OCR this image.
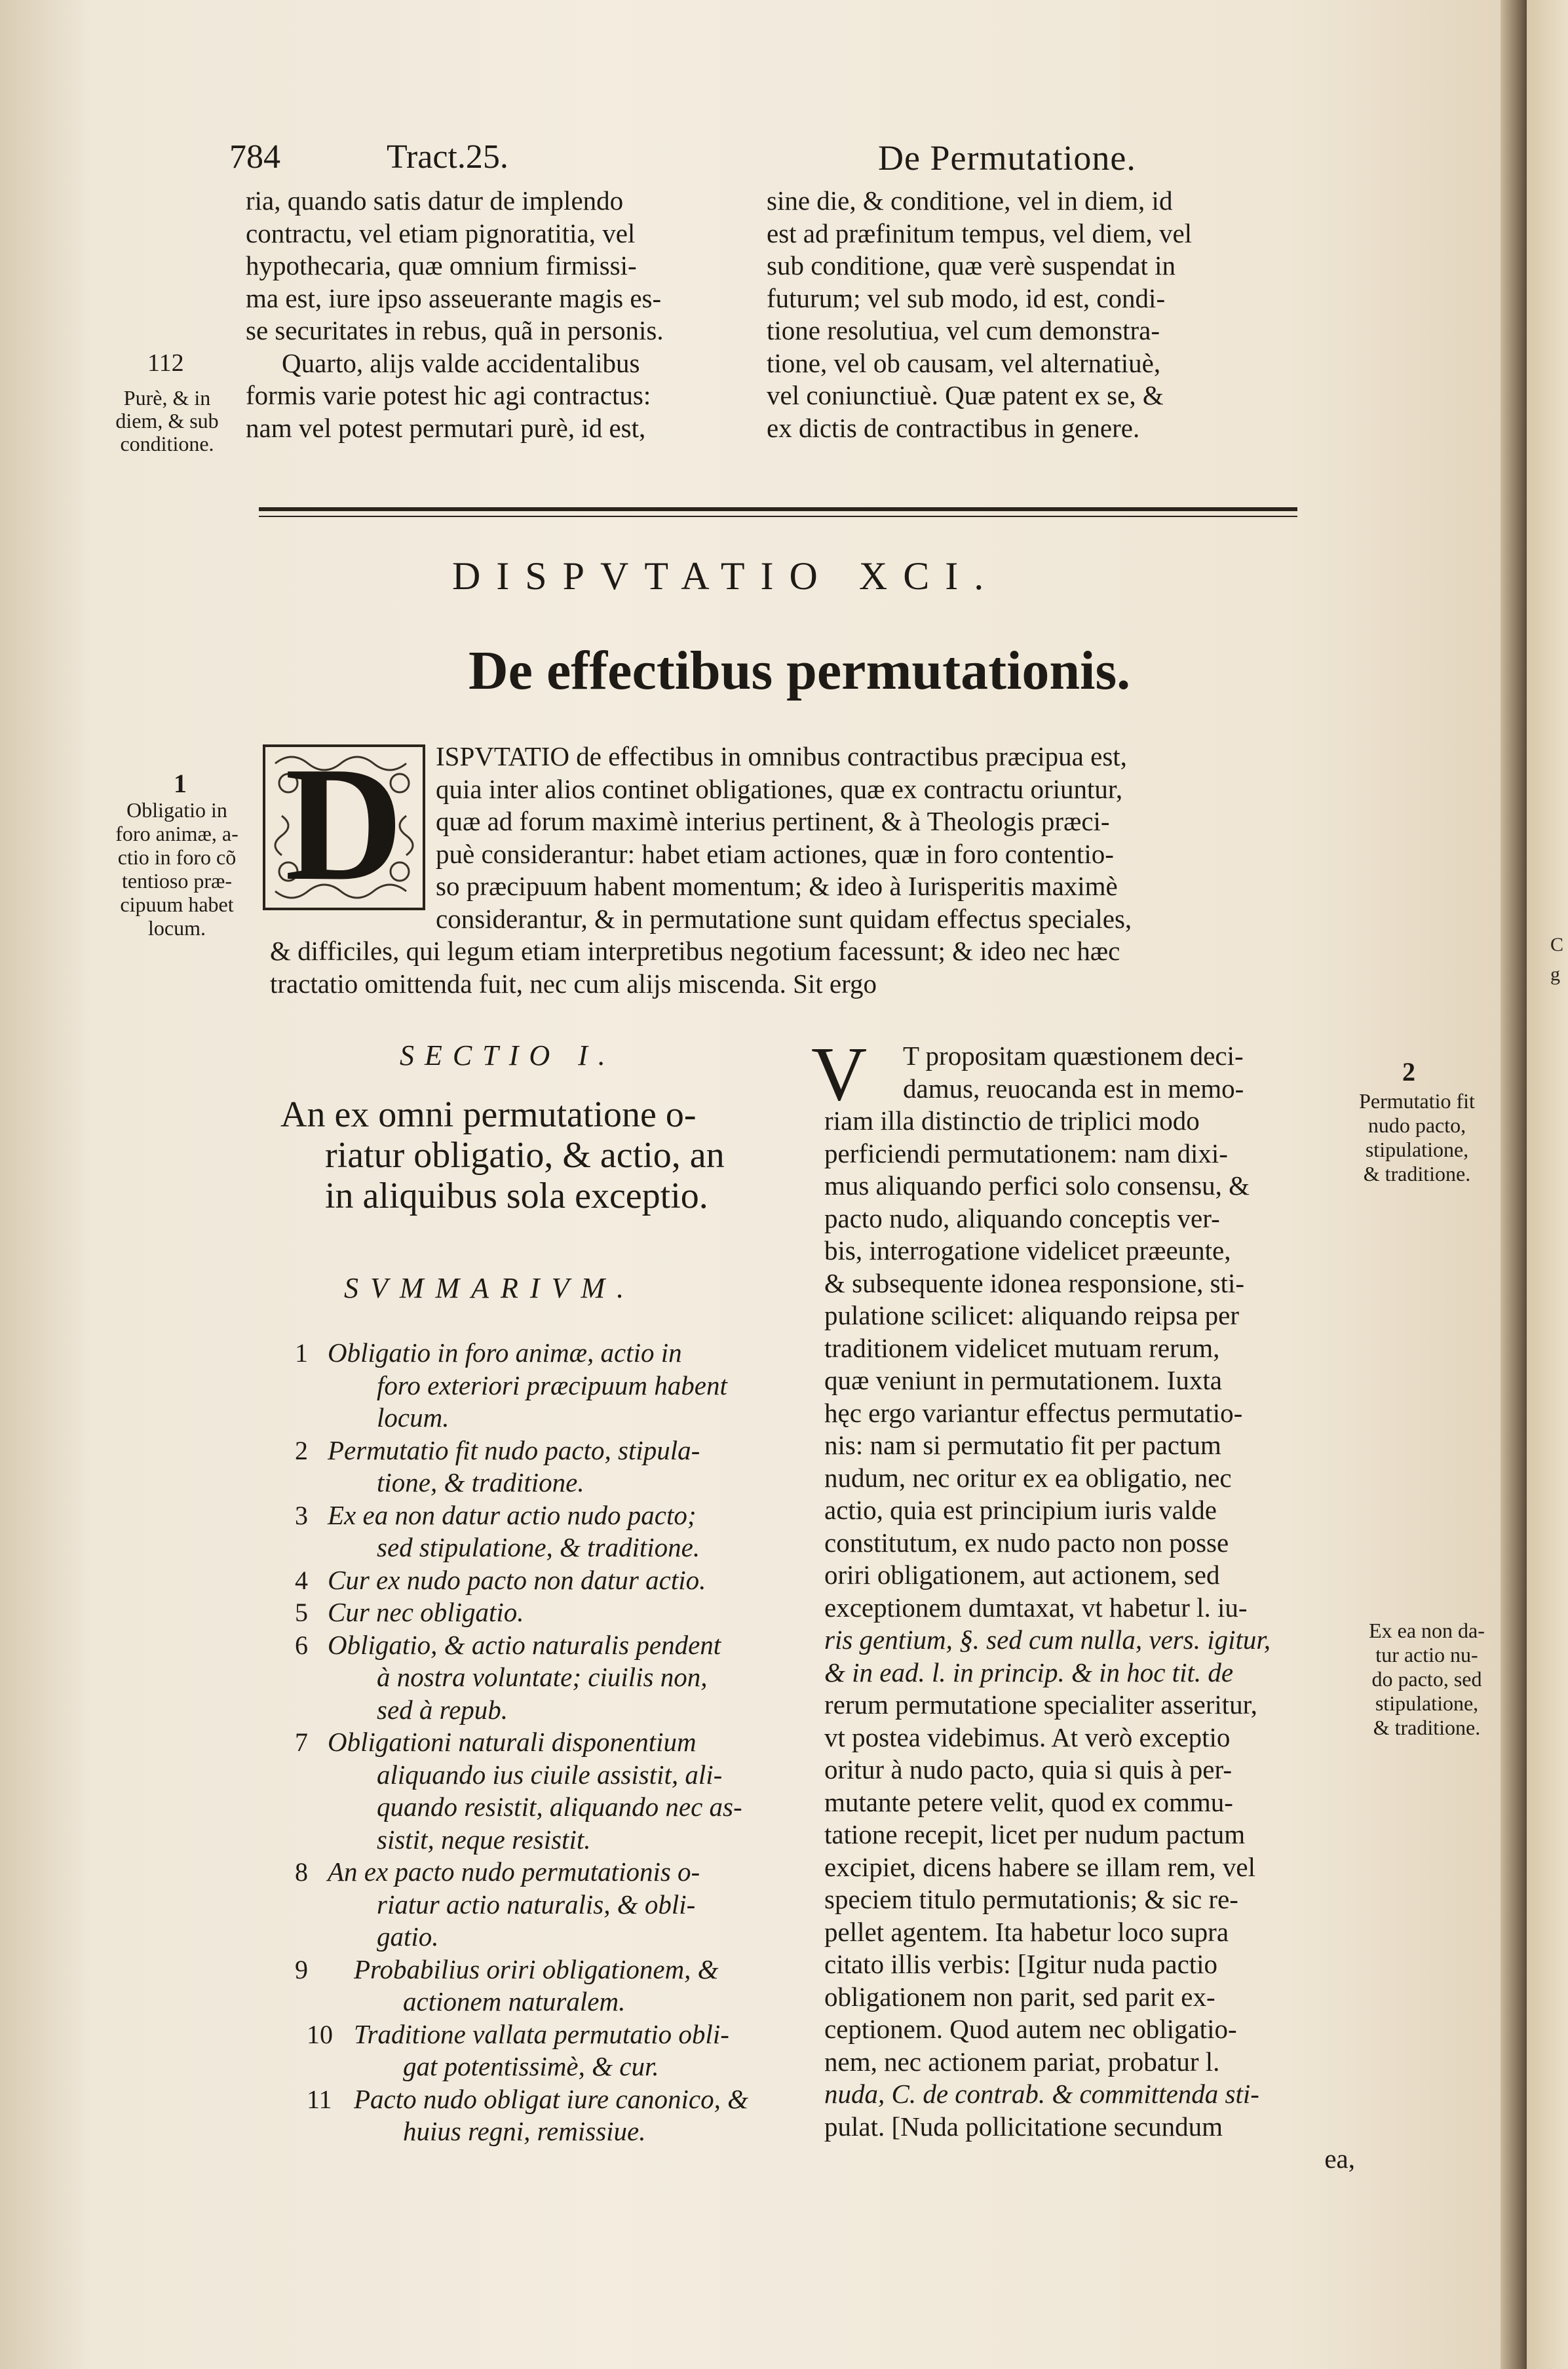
C
g
784	Tract.25.	De Permutatione.
ria, quando satis datur de implendo
contractu, vel etiam pignoratitia, vel
hypothecaria, quæ omnium firmissi-
ma est, iure ipso asseuerante magis es-
se securitates in rebus, quã in personis.
Quarto, alijs valde accidentalibus
formis varie potest hic agi contractus:
nam vel potest permutari purè, id est,
sine die, & conditione, vel in diem, id
est ad præfinitum tempus, vel diem, vel
sub conditione, quæ verè suspendat in
futurum; vel sub modo, id est, condi-
tione resolutiua, vel cum demonstra-
tione, vel ob causam, vel alternatiuè,
vel coniunctiuè. Quæ patent ex se, &
ex dictis de contractibus in genere.
112
Purè, & in
diem, & sub
conditione.
DISPVTATIO XCI.
De effectibus permutationis.
D	ISPVTATIO de effectibus in omnibus contractibus præcipua est,
quia inter alios continet obligationes, quæ ex contractu oriuntur,
quæ ad forum maximè interius pertinent, & à Theologis præci-
puè considerantur: habet etiam actiones, quæ in foro contentio-
so præcipuum habent momentum; & ideo à Iurisperitis maximè
considerantur, & in permutatione sunt quidam effectus speciales,
& difficiles, qui legum etiam interpretibus negotium facessunt; & ideo nec hæc
tractatio omittenda fuit, nec cum alijs miscenda. Sit ergo
1
Obligatio in
foro animæ, a-
ctio in foro cõ
tentioso præ-
cipuum habet
locum.
SECTIO I.
An ex omni permutatione o-
riatur obligatio, & actio, an
in aliquibus sola exceptio.
SVMMARIVM.
1 Obligatio in foro animæ, actio in
foro exteriori præcipuum habent
locum.
2 Permutatio fit nudo pacto, stipula-
tione, & traditione.
3 Ex ea non datur actio nudo pacto;
sed stipulatione, & traditione.
4 Cur ex nudo pacto non datur actio.
5 Cur nec obligatio.
6 Obligatio, & actio naturalis pendent
à nostra voluntate; ciuilis non,
sed à repub.
7 Obligationi naturali disponentium
aliquando ius ciuile assistit, ali-
quando resistit, aliquando nec as-
sistit, neque resistit.
8 An ex pacto nudo permutationis o-
riatur actio naturalis, & obli-
gatio.
9	Probabilius oriri obligationem, &
actionem naturalem.
10 Traditione vallata permutatio obli-
gat potentissimè, & cur.
11 Pacto nudo obligat iure canonico, &
huius regni, remissiue.
V	T propositam quæstionem deci-
damus, reuocanda est in memo-
riam illa distinctio de triplici modo
perficiendi permutationem: nam dixi-
mus aliquando perfici solo consensu, &
pacto nudo, aliquando conceptis ver-
bis, interrogatione videlicet præeunte,
& subsequente idonea responsione, sti-
pulatione scilicet: aliquando reipsa per
traditionem videlicet mutuam rerum,
quæ veniunt in permutationem. Iuxta
hęc ergo variantur effectus permutatio-
nis: nam si permutatio fit per pactum
nudum, nec oritur ex ea obligatio, nec
actio, quia est principium iuris valde
constitutum, ex nudo pacto non posse
oriri obligationem, aut actionem, sed
exceptionem dumtaxat, vt habetur l. iu-
ris gentium, §. sed cum nulla, vers. igitur,
& in ead. l. in princip. & in hoc tit. de
rerum permutatione specialiter asseritur,
vt postea videbimus. At verò exceptio
oritur à nudo pacto, quia si quis à per-
mutante petere velit, quod ex commu-
tatione recepit, licet per nudum pactum
excipiet, dicens habere se illam rem, vel
speciem titulo permutationis; & sic re-
pellet agentem. Ita habetur loco supra
citato illis verbis: [Igitur nuda pactio
obligationem non parit, sed parit ex-
ceptionem. Quod autem nec obligatio-
nem, nec actionem pariat, probatur l.
nuda, C. de contrab. & committenda sti-
pulat. [Nuda pollicitatione secundum
ea,
2
Permutatio fit
nudo pacto,
stipulatione,
& traditione.
Ex ea non da-
tur actio nu-
do pacto, sed
stipulatione,
& traditione.
